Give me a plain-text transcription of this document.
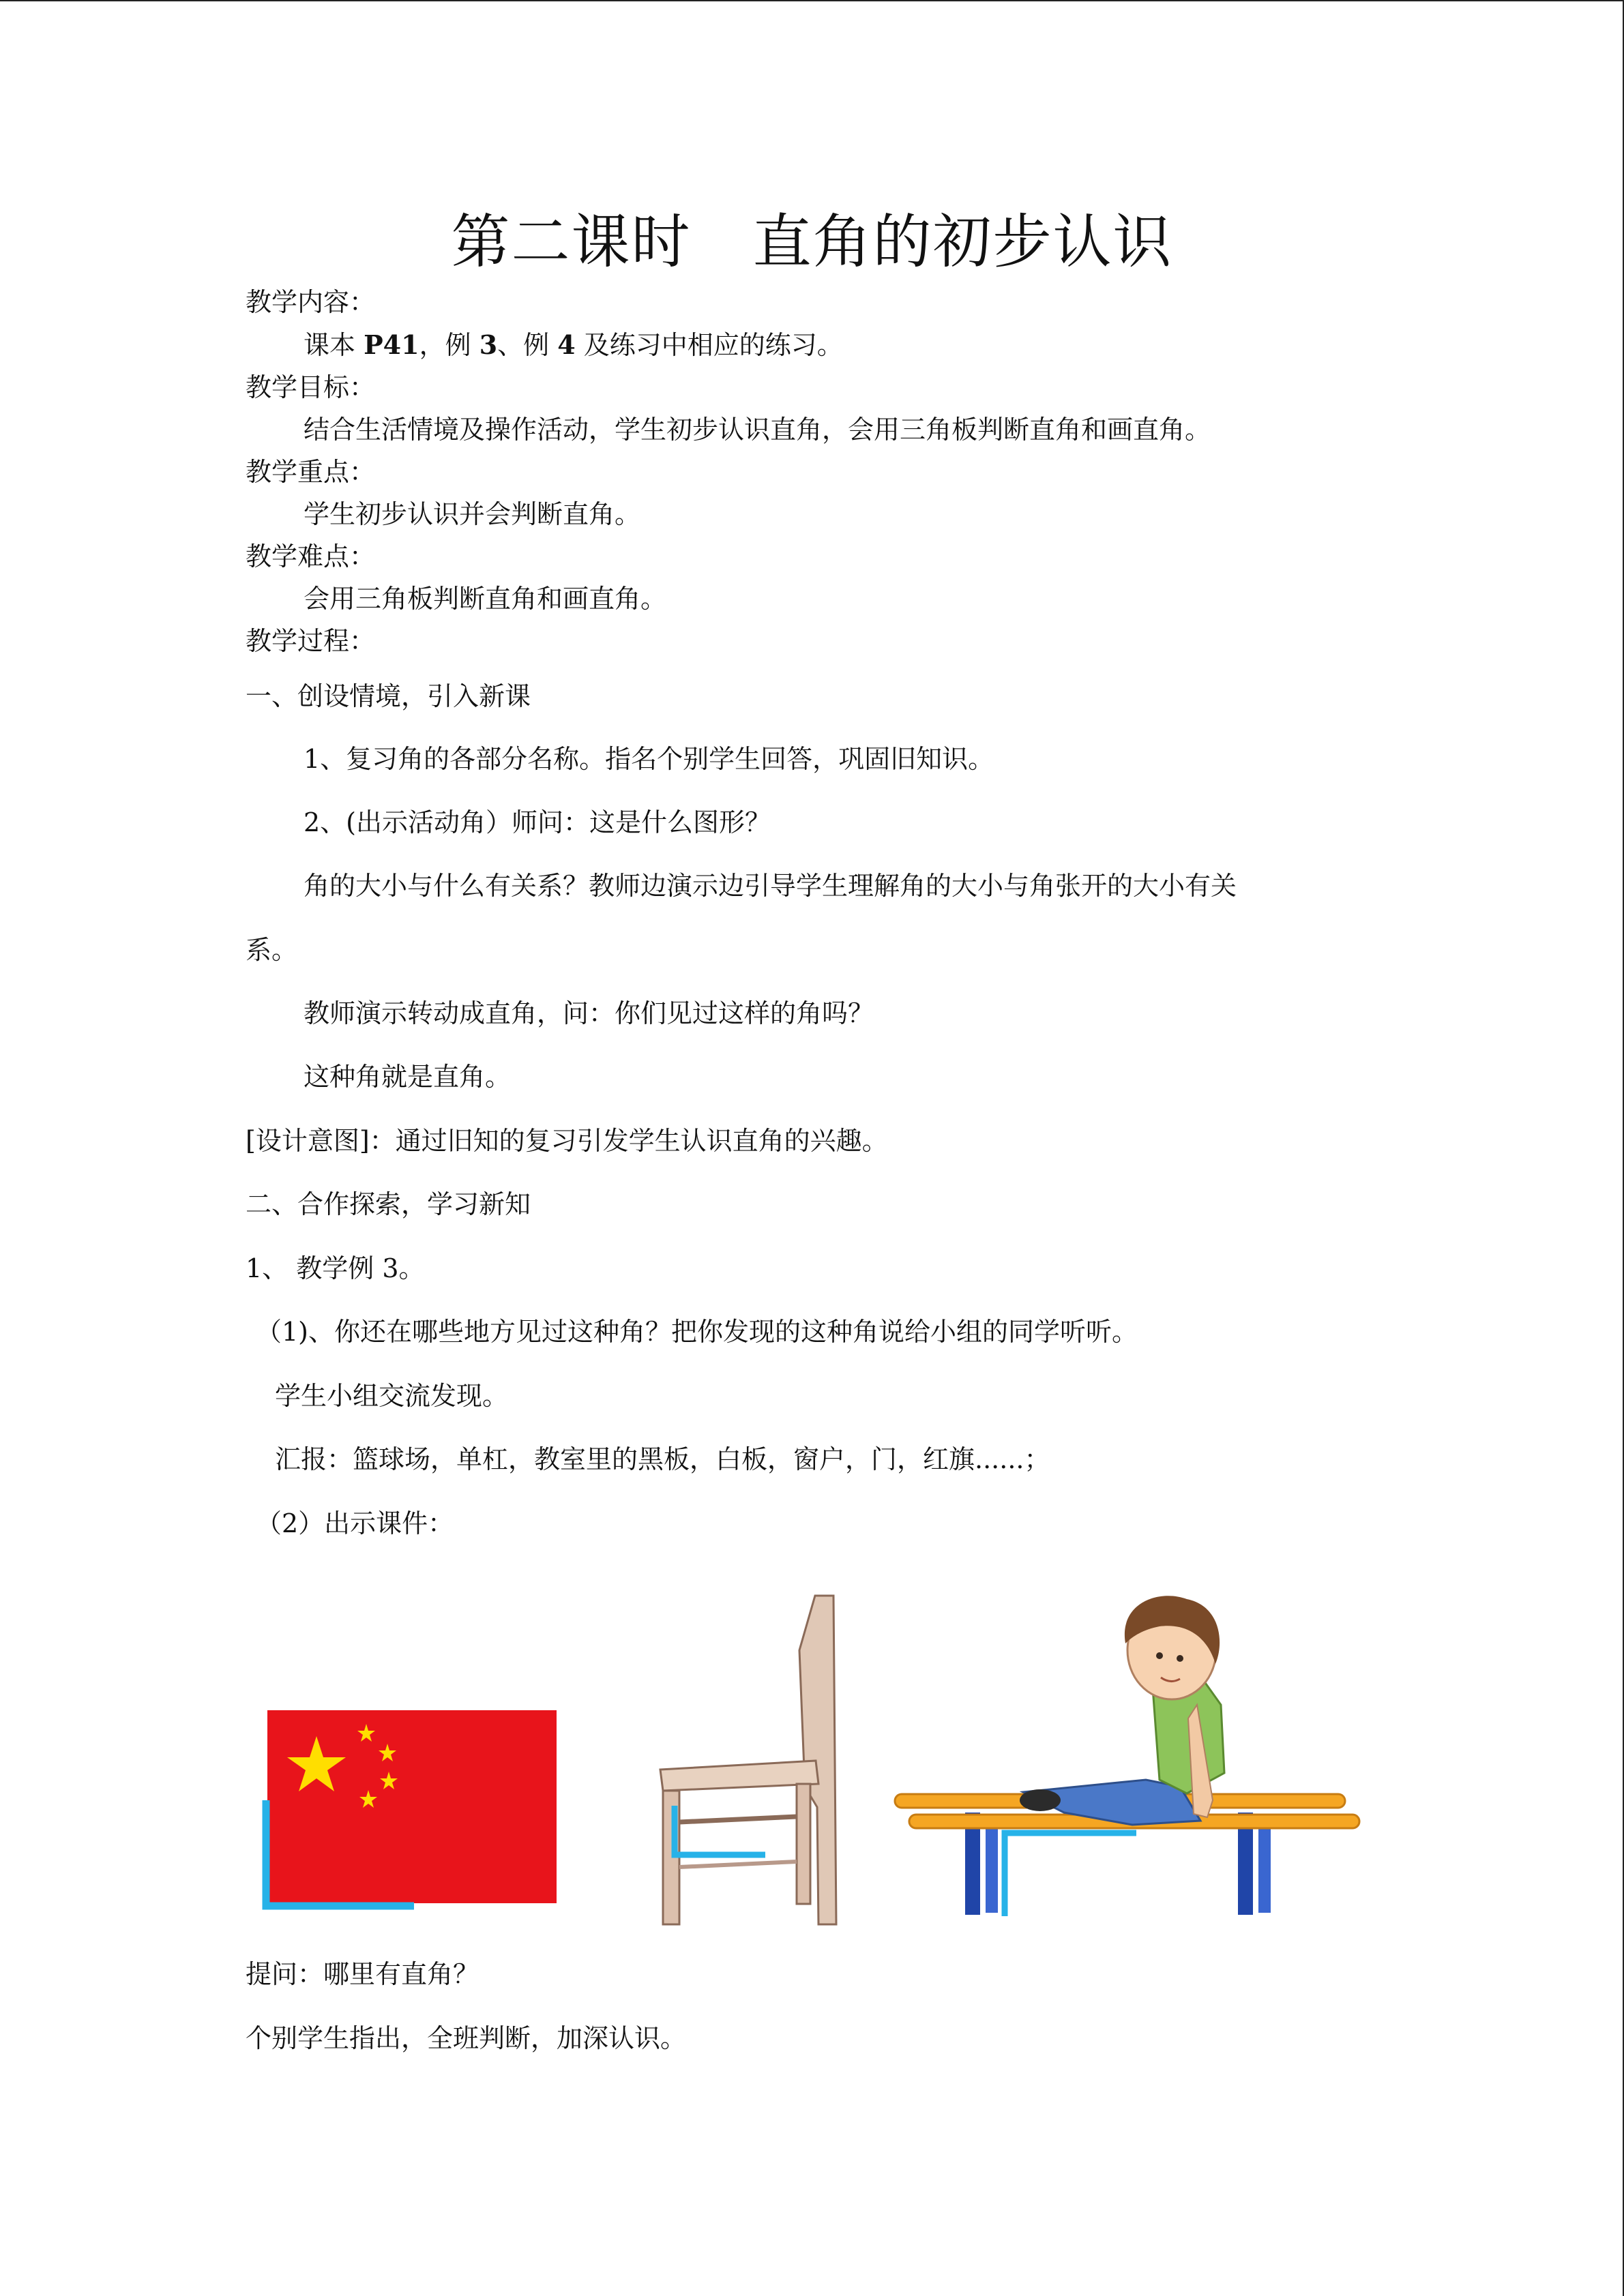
第二课时 直角的初步认识
教学内容：
课本 P41，例 3、例 4 及练习中相应的练习。
教学目标：
结合生活情境及操作活动，学生初步认识直角，会用三角板判断直角和画直角。
教学重点：
学生初步认识并会判断直角。
教学难点：
会用三角板判断直角和画直角。
教学过程：
一、创设情境，引入新课
1、复习角的各部分名称。指名个别学生回答，巩固旧知识。
2、(出示活动角）师问：这是什么图形？
角的大小与什么有关系？教师边演示边引导学生理解角的大小与角张开的大小有关
系。
教师演示转动成直角，问：你们见过这样的角吗？
这种角就是直角。
[设计意图]：通过旧知的复习引发学生认识直角的兴趣。
二、合作探索，学习新知
1、 教学例 3。
（1)、你还在哪些地方见过这种角？把你发现的这种角说给小组的同学听听。
学生小组交流发现。
汇报：篮球场，单杠，教室里的黑板，白板，窗户，门，红旗......；
（2）出示课件：
提问：哪里有直角？
个别学生指出，全班判断，加深认识。
